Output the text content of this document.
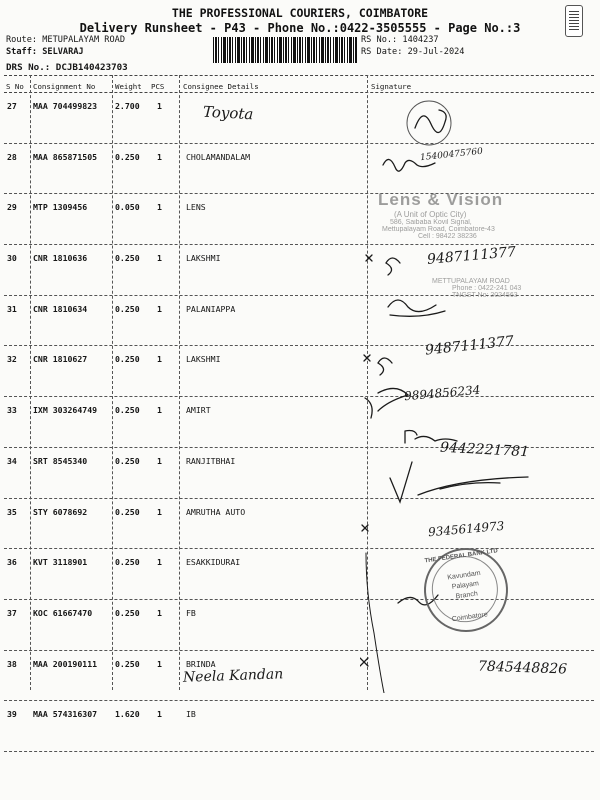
THE PROFESSIONAL COURIERS, COIMBATORE
Delivery Runsheet - P43 - Phone No.:0422-3505555 - Page No.:3
Route: METUPALAYAM ROAD
Staff: SELVARAJ
DRS No.: DCJB140423703
RS No.: 1404237
RS Date: 29-Jul-2024
S No Consignment No	Weight PCS	Consignee Details	Signature
27 MAA 704499823 2.700 1
28 MAA 865871505 0.250 1	CHOLAMANDALAM
29 MTP 1309456	0.050 1	LENS
30 CNR 1810636	0.250 1	LAKSHMI
31 CNR 1810634	0.250 1	PALANIAPPA
32 CNR 1810627	0.250 1	LAKSHMI
33 IXM 303264749 0.250 1	AMIRT
34 SRT 8545340	0.250 1	RANJITBHAI
35 STY 6078692	0.250 1	AMRUTHA AUTO
36 KVT 3118901	0.250 1	ESAKKIDURAI
37 KOC 61667470	0.250 1	FB
38 MAA 200190111 0.250 1	BRINDA
39 MAA 574316307 1.620 1	IB
Toyota
15400475760
9487111377
9487111377
9894856234
9442221781
9345614973
7845448826
Neela Kandan
Lens & Vision
(A Unit of Optic City)
586, Saibaba Kovil Signal,
Mettupalayam Road, Coimbatore-43
Cell : 98422 38236
METTUPALAYAM ROAD
Phone : 0422-241 043
TNGST No: 2024563
THE FEDERAL BANK LTD
Kavundam
Palayam
Branch
Coimbatore
